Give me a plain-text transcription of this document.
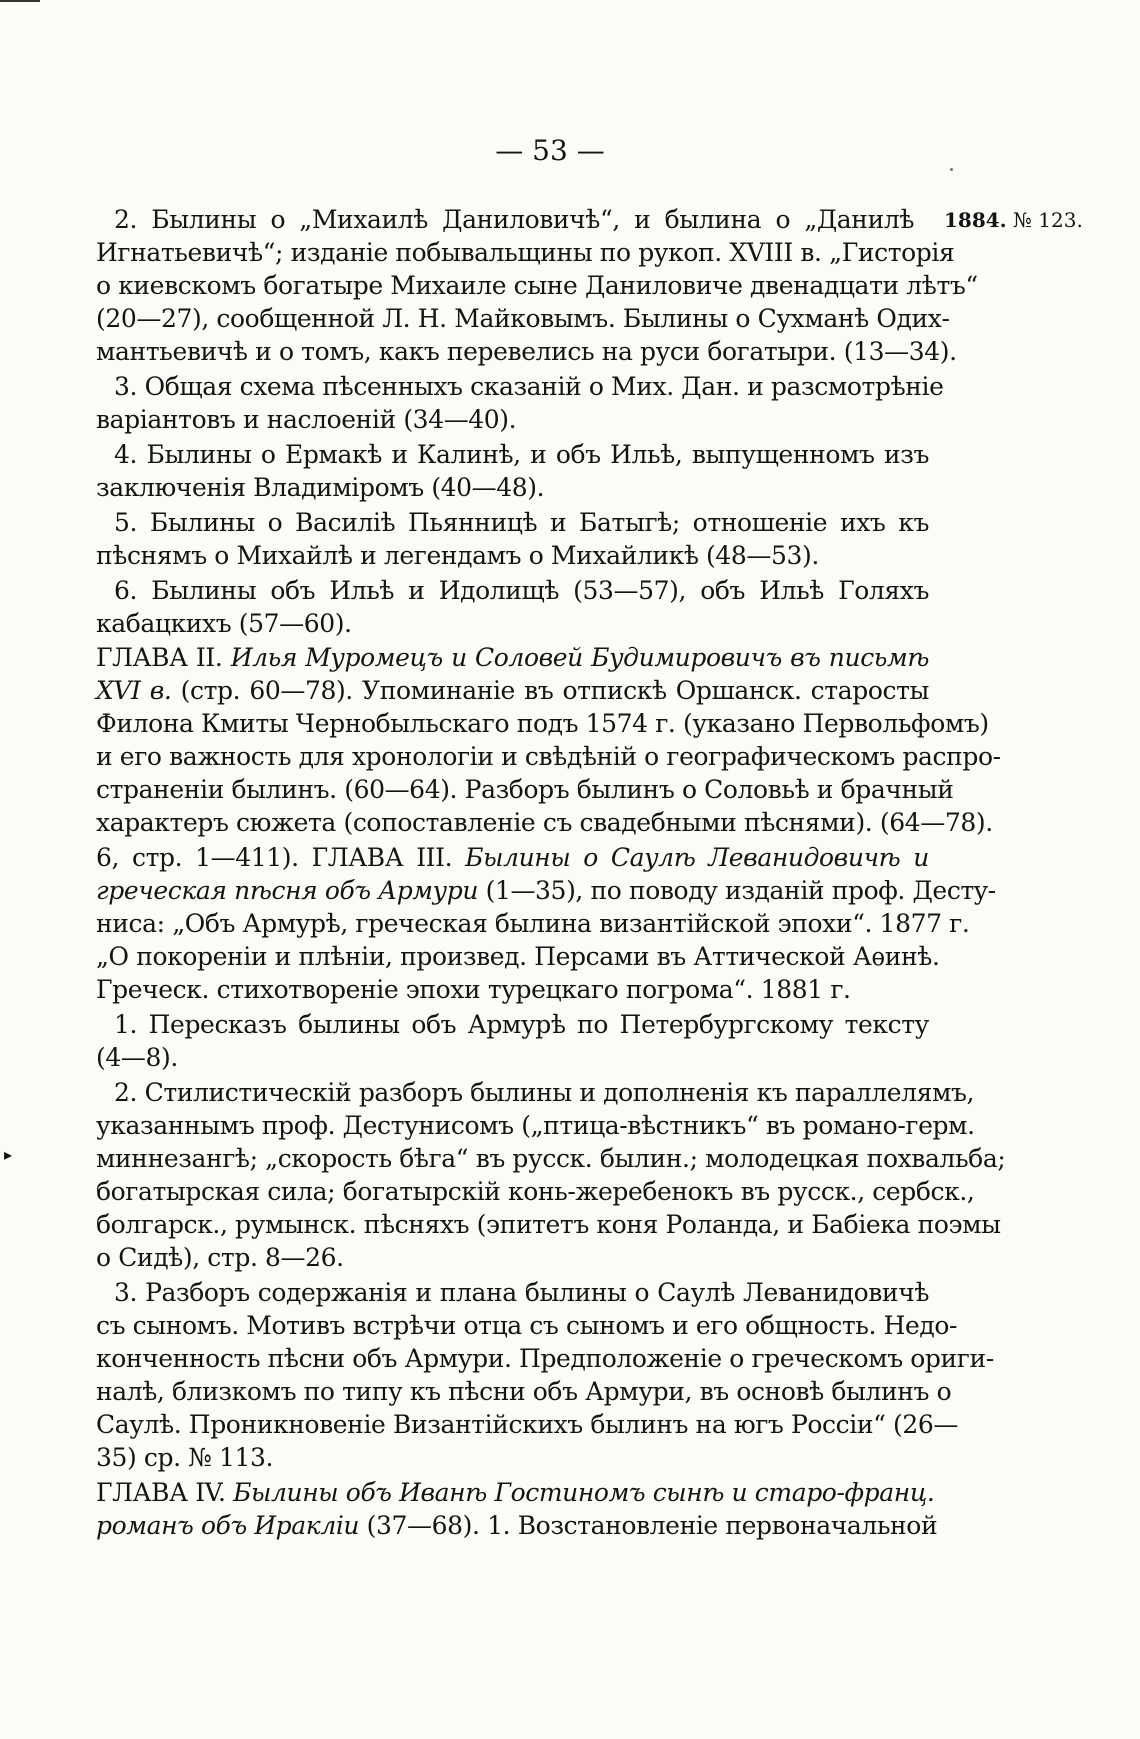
▸
— 53 —
1884. № 123.
2. Былины о „Михаилѣ Даниловичѣ“, и былина о „Данилѣ
Игнатьевичѣ“; изданіе побывальщины по рукоп. XVIII в. „Гисторія
о киевскомъ богатыре Михаиле сыне Даниловиче двенадцати лѣтъ“
(20—27), сообщенной Л. Н. Майковымъ. Былины о Сухманѣ Одих-
мантьевичѣ и о томъ, какъ перевелись на руси богатыри. (13—34).
3. Общая схема пѣсенныхъ сказаній о Мих. Дан. и разсмотрѣніе
варіантовъ и наслоеній (34—40).
4. Былины о Ермакѣ и Калинѣ, и объ Ильѣ, выпущенномъ изъ
заключенія Владиміромъ (40—48).
5. Былины о Василіѣ Пьянницѣ и Батыгѣ; отношеніе ихъ къ
пѣснямъ о Михайлѣ и легендамъ о Михайликѣ (48—53).
6. Былины объ Ильѣ и Идолищѣ (53—57), объ Ильѣ Голяхъ
кабацкихъ (57—60).
ГЛАВА II. Илья Муромецъ и Соловей Будимировичъ въ письмѣ
XVI в. (стр. 60—78). Упоминаніе въ отпискѣ Оршанск. старосты
Филона Кмиты Чернобыльскаго подъ 1574 г. (указано Первольфомъ)
и его важность для хронологіи и свѣдѣній о географическомъ распро-
страненіи былинъ. (60—64). Разборъ былинъ о Соловьѣ и брачный
характеръ сюжета (сопоставленіе съ свадебными пѣснями). (64—78).
6, стр. 1—411). ГЛАВА III. Былины о Саулѣ Леванидовичѣ и
греческая пѣсня объ Армури (1—35), по поводу изданій проф. Дестy-
ниса: „Объ Армурѣ, греческая былина византійской эпохи“. 1877 г.
„О покореніи и плѣніи, произвед. Персами въ Аттической Аѳинѣ.
Греческ. стихотвореніе эпохи турецкаго погрома“. 1881 г.
1. Пересказъ былины объ Армурѣ по Петербургскому тексту
(4—8).
2. Стилистическій разборъ былины и дополненія къ параллелямъ,
указаннымъ проф. Дестунисомъ („птица-вѣстникъ“ въ романо-герм.
миннезангѣ; „скорость бѣга“ въ русск. былин.; молодецкая похвальба;
богатырская сила; богатырскій конь-жеребенокъ въ русск., сербск.,
болгарск., румынск. пѣсняхъ (эпитетъ коня Роланда, и Бабіека поэмы
о Сидѣ), стр. 8—26.
3. Разборъ содержанія и плана былины о Саулѣ Леванидовичѣ
съ сыномъ. Мотивъ встрѣчи отца съ сыномъ и его общность. Недо-
конченность пѣсни объ Армури. Предположеніе о греческомъ ориги-
налѣ, близкомъ по типу къ пѣсни объ Армури, въ основѣ былинъ о
Саулѣ. Проникновеніе Византійскихъ былинъ на югъ Россіи“ (26—
35) ср. № 113.
ГЛАВА IV. Былины объ Иванѣ Гостиномъ сынѣ и старо-франц.
романъ объ Иракліи (37—68). 1. Возстановленіе первоначальной
